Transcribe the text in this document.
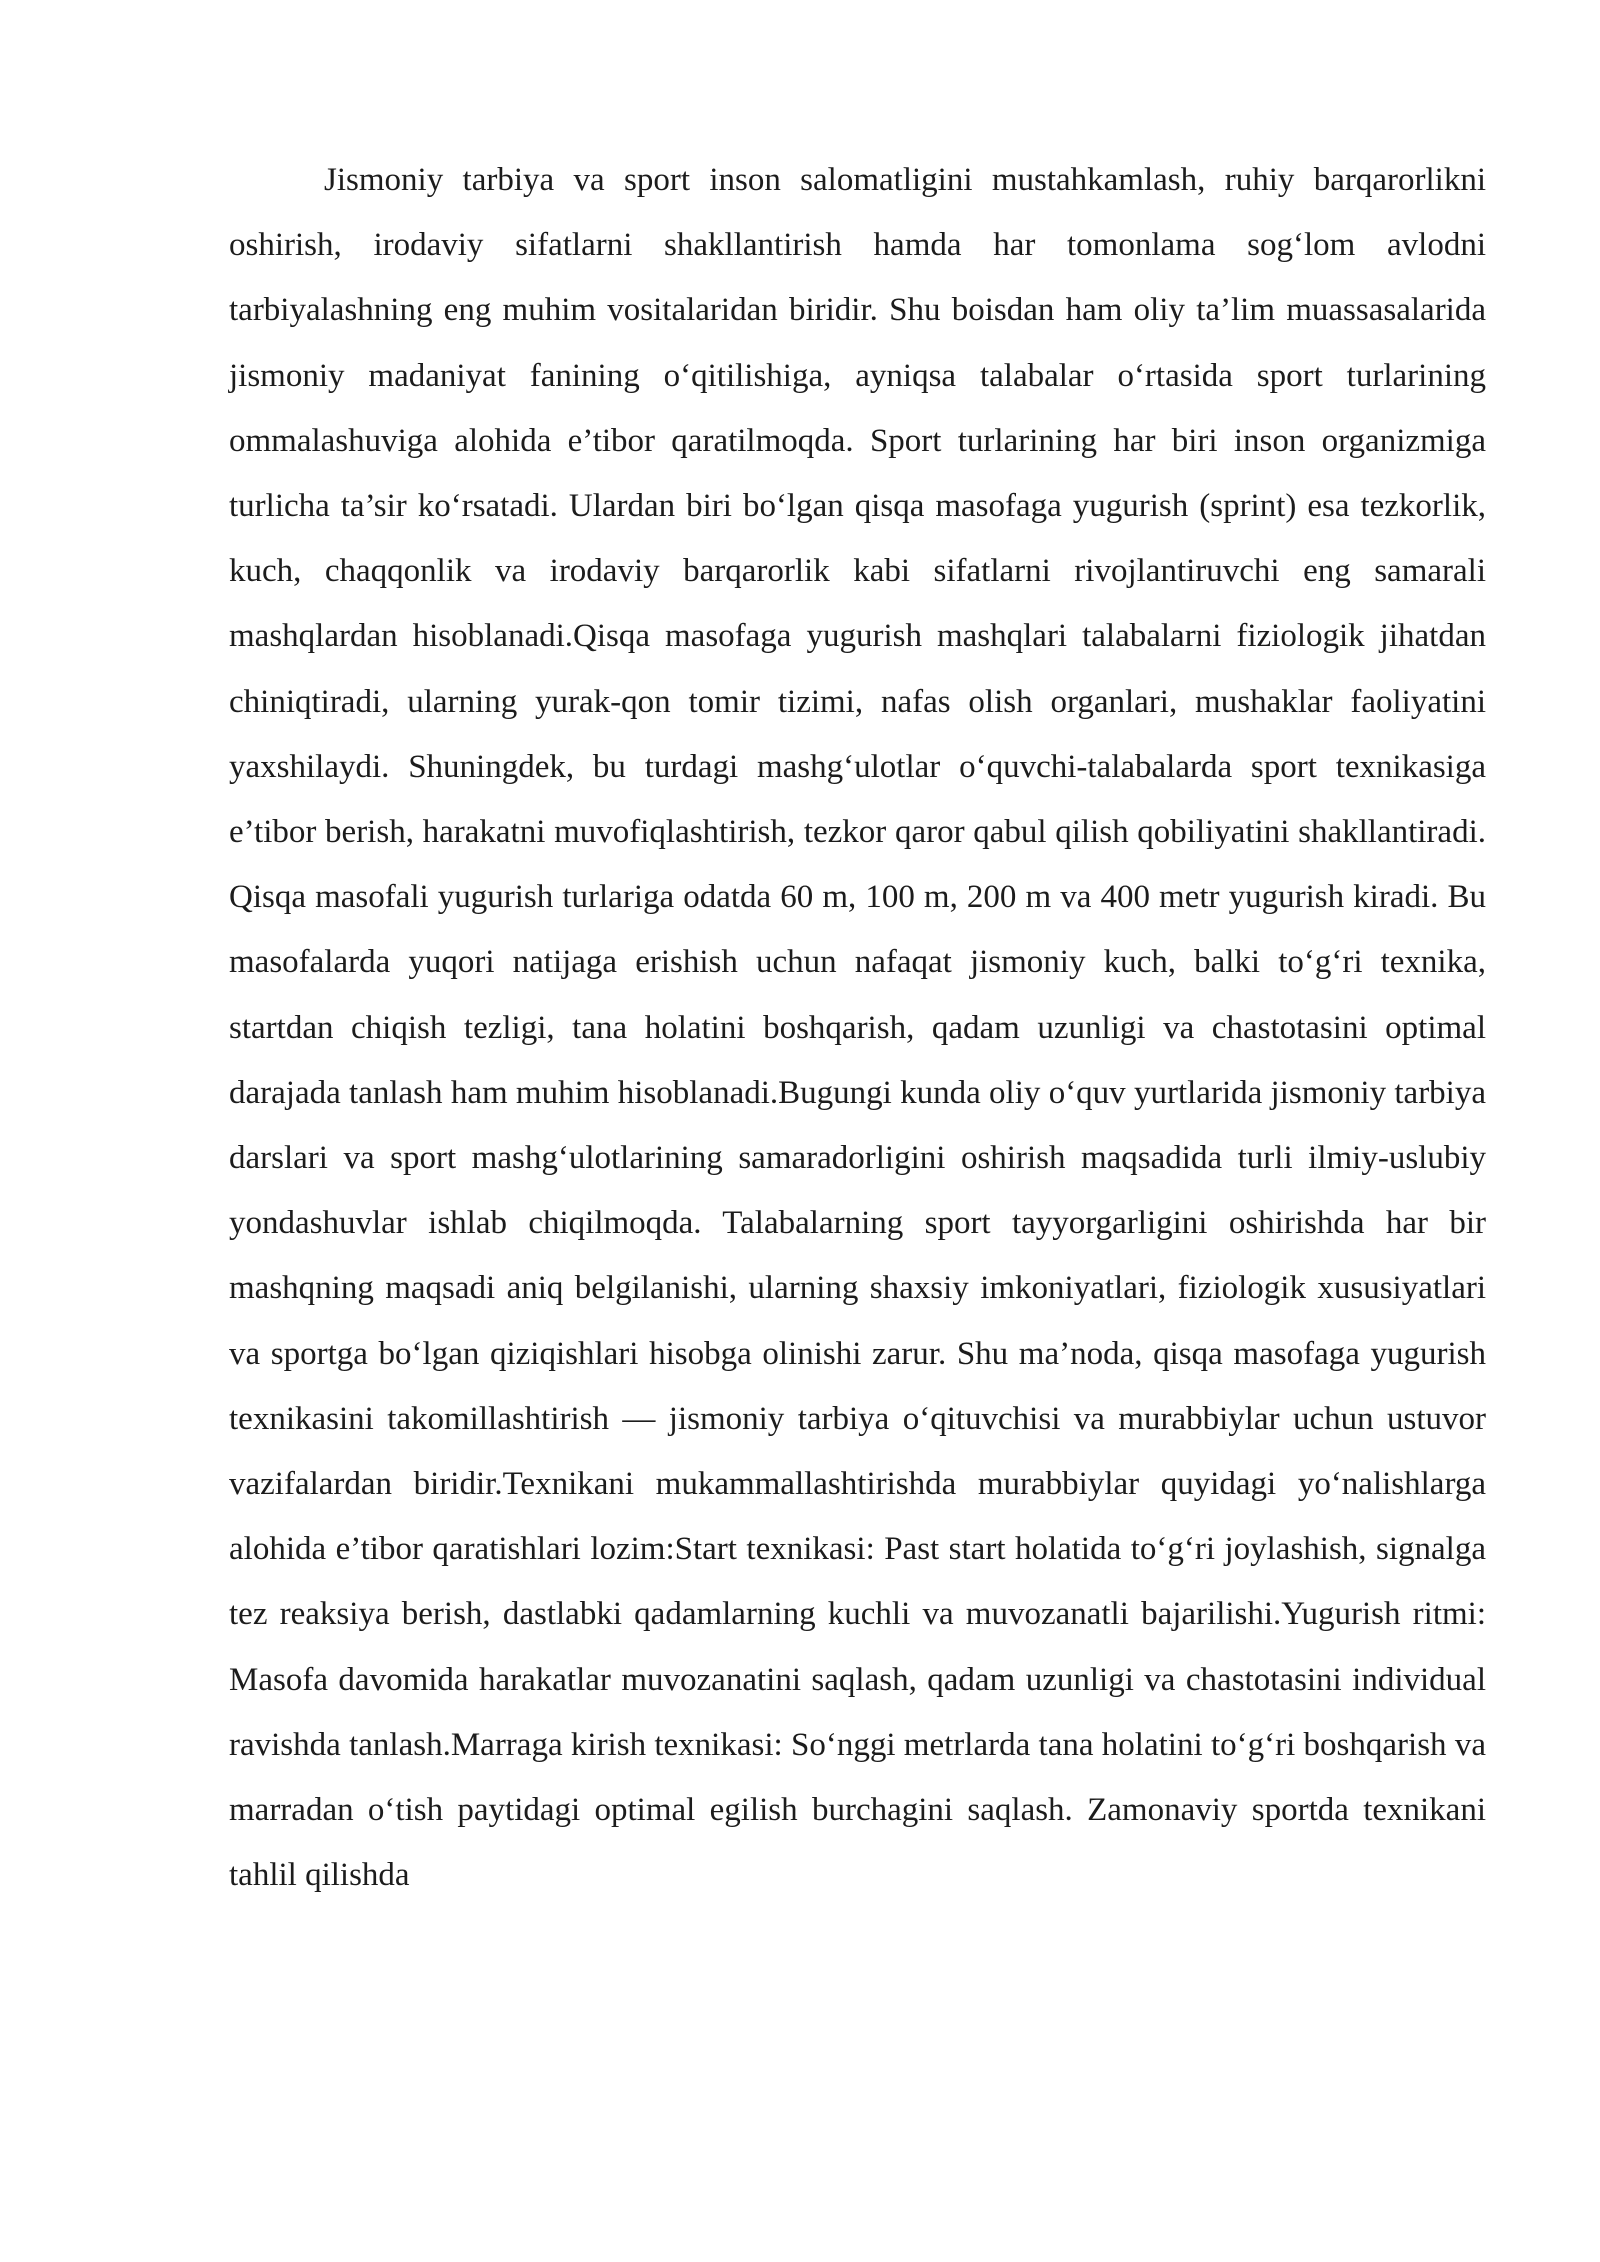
Jismoniy tarbiya va sport inson salomatligini mustahkamlash, ruhiy barqarorlikni oshirish, irodaviy sifatlarni shakllantirish hamda har tomonlama sog‘lom avlodni tarbiyalashning eng muhim vositalaridan biridir. Shu boisdan ham oliy ta’lim muassasalarida jismoniy madaniyat fanining o‘qitilishiga, ayniqsa talabalar o‘rtasida sport turlarining ommalashuviga alohida e’tibor qaratilmoqda. Sport turlarining har biri inson organizmiga turlicha ta’sir ko‘rsatadi. Ulardan biri bo‘lgan qisqa masofaga yugurish (sprint) esa tezkorlik, kuch, chaqqonlik va irodaviy barqarorlik kabi sifatlarni rivojlantiruvchi eng samarali mashqlardan hisoblanadi.Qisqa masofaga yugurish mashqlari talabalarni fiziologik jihatdan chiniqtiradi, ularning yurak-qon tomir tizimi, nafas olish organlari, mushaklar faoliyatini yaxshilaydi. Shuningdek, bu turdagi mashg‘ulotlar o‘quvchi-talabalarda sport texnikasiga e’tibor berish, harakatni muvofiqlashtirish, tezkor qaror qabul qilish qobiliyatini shakllantiradi. Qisqa masofali yugurish turlariga odatda 60 m, 100 m, 200 m va 400 metr yugurish kiradi. Bu masofalarda yuqori natijaga erishish uchun nafaqat jismoniy kuch, balki to‘g‘ri texnika, startdan chiqish tezligi, tana holatini boshqarish, qadam uzunligi va chastotasini optimal darajada tanlash ham muhim hisoblanadi.Bugungi kunda oliy o‘quv yurtlarida jismoniy tarbiya darslari va sport mashg‘ulotlarining samaradorligini oshirish maqsadida turli ilmiy-uslubiy yondashuvlar ishlab chiqilmoqda. Talabalarning sport tayyorgarligini oshirishda har bir mashqning maqsadi aniq belgilanishi, ularning shaxsiy imkoniyatlari, fiziologik xususiyatlari va sportga bo‘lgan qiziqishlari hisobga olinishi zarur. Shu ma’noda, qisqa masofaga yugurish texnikasini takomillashtirish — jismoniy tarbiya o‘qituvchisi va murabbiylar uchun ustuvor vazifalardan biridir.Texnikani mukammallashtirishda murabbiylar quyidagi yo‘nalishlarga alohida e’tibor qaratishlari lozim:Start texnikasi: Past start holatida to‘g‘ri joylashish, signalga tez reaksiya berish, dastlabki qadamlarning kuchli va muvozanatli bajarilishi.Yugurish ritmi: Masofa davomida harakatlar muvozanatini saqlash, qadam uzunligi va chastotasini individual ravishda tanlash.Marraga kirish texnikasi: So‘nggi metrlarda tana holatini to‘g‘ri boshqarish va marradan o‘tish paytidagi optimal egilish burchagini saqlash. Zamonaviy sportda texnikani tahlil qilishda
